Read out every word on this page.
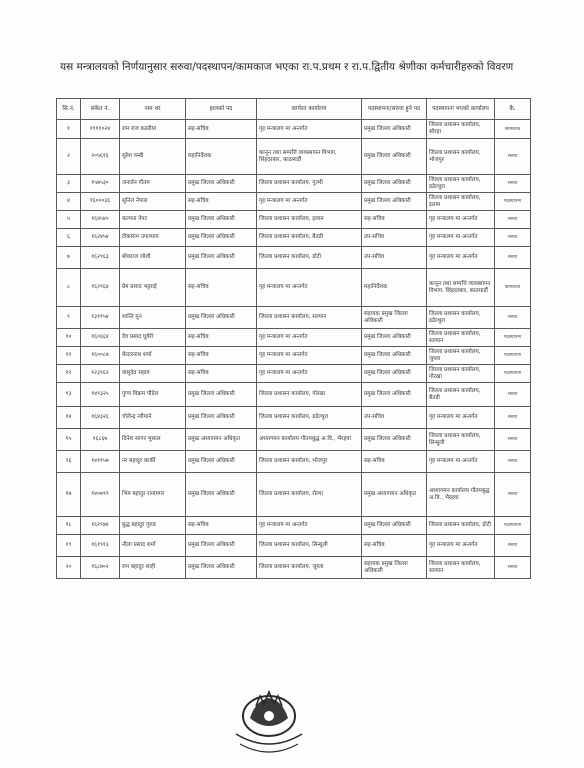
यस मन्त्रालयको निर्णयानुसार सरुवा/पदस्थापन/कामकाज भएका रा.प.प्रथम र रा.प.द्वितीय श्रेणीका कर्मचारीहरुको विवरण
सि.नं.	संकेत नं.	नाम थर	हालको पद	कार्यरत कार्यालय	पदस्थापना/सरुवा हुने पद	पदस्थापना भएको कार्यालय	कै.
१	११११०२४	राम राज कडरीया	सह-सचिव	गृह मन्त्रालय मा अन्तर्गत	प्रमुख जिल्ला अधिकारी	जिल्ला प्रशासन कार्यालय, सोरहा	कामकाज
२	२०५६१६	सुरेश पन्थी	महानिर्देशक	कानून तथा सम्पत्ति व्यवस्थापन विभाग, सिंहदरबार, काठमाडौं	प्रमुख जिल्ला अधिकारी	जिल्ला प्रशासन कार्यालय, भोजपुर	सरुवा
३	१५७५३०	जनार्दन गौतम	प्रमुख जिल्ला अधिकारी	जिल्ला प्रशासन कार्यालय, गुल्मी	प्रमुख जिल्ला अधिकारी	जिल्ला प्रशासन कार्यालय, डडेल्धुरा	सरुवा
४	१६०००३६	सुनिल नेपाल	सह-सचिव	गृह मन्त्रालय मा अन्तर्गत	प्रमुख जिल्ला अधिकारी	जिल्ला प्रशासन कार्यालय, इलाम	पदस्थापना
५	१६४५४०	कल्पना नेपट	प्रमुख जिल्ला अधिकारी	जिल्ला प्रशासन कार्यालय, इलाम	सह-सचिव	गृह मन्त्रालय मा अन्तर्गत	सरुवा
६	१६२४५४	टीकाराम उपाध्याय	प्रमुख जिल्ला अधिकारी	जिल्ला प्रशासन कार्यालय, बैतडी	उप-सचिव	गृह मन्त्रालय मा अन्तर्गत	सरुवा
७	१६२९६३	बोधराज जोशी	प्रमुख जिल्ला अधिकारी	जिल्ला प्रशासन कार्यालय, डोटी	उप-सचिव	गृह मन्त्रालय मा अन्तर्गत	सरुवा
८	१६२९६४	प्रेम प्रसाद भट्टराई	सह-सचिव	गृह मन्त्रालय मा अन्तर्गत	महानिर्देशक	कानून तथा सम्पत्ति व्यवस्थापन विभाग, सिंहदरबार, काठमाडौं	कामकाज
९	१३११५४	शान्ति पुन	प्रमुख जिल्ला अधिकारी	जिल्ला प्रशासन कार्यालय, सल्यान	सहायक प्रमुख जिल्ला अधिकारी	जिल्ला प्रशासन कार्यालय, डडेल्धुरा	सरुवा
१०	१६०६६४	देव प्रसाद घुवेरी	सह-सचिव	गृह मन्त्रालय मा अन्तर्गत	प्रमुख जिल्ला अधिकारी	जिल्ला प्रशासन कार्यालय, सल्यान	पदस्थापना
११	१६००८७	केदारनाथ शर्मा	सह-सचिव	गृह मन्त्रालय मा अन्तर्गत	प्रमुख जिल्ला अधिकारी	जिल्ला प्रशासन कार्यालय, जुम्ला	पदस्थापना
१२	१२३९६२	वासुदेव सहाय	सह-सचिव	गृह मन्त्रालय मा अन्तर्गत	प्रमुख जिल्ला अधिकारी	जिल्ला प्रशासन कार्यालय, गोरखा	पदस्थापना
१३	१४९३२५	पुण्य विक्रम पौडेल	प्रमुख जिल्ला अधिकारी	जिल्ला प्रशासन कार्यालय, गोरखा	प्रमुख जिल्ला अधिकारी	जिल्ला प्रशासन कार्यालय, बैतडी	सरुवा
१४	१६४३२६	चोलेन्द्र न्यौपाने	प्रमुख जिल्ला अधिकारी	जिल्ला प्रशासन कार्यालय, डडेल्धुरा	उप-सचिव	गृह मन्त्रालय मा अन्तर्गत	सरुवा
१५	१६८६७	दिनेश सागर भुसाल	प्रमुख अध्यागमन अधिकृत	अध्यागमन कार्यालय गौतमबुद्ध अ.वि., भैरहवा	प्रमुख जिल्ला अधिकारी	जिल्ला प्रशासन कार्यालय, सिन्धुली	सरुवा
१६	१४११५७	नर बहादुर कार्की	प्रमुख जिल्ला अधिकारी	जिल्ला प्रशासन कार्यालय, भोजपुर	सह-सचिव	गृह मन्त्रालय मा अन्तर्गत	सरुवा
१७	१४०७९९	भिम बहादुर रानामगर	प्रमुख जिल्ला अधिकारी	जिल्ला प्रशासन कार्यालय, रोल्पा	प्रमुख अध्यागमन अधिकृत	अध्यागमन कार्यालय गौतमबुद्ध अ.वि., भैरहवा	सरुवा
१८	१६२९७४	बुद्ध बहादुर गुरुङ	सह-सचिव	गृह मन्त्रालय मा अन्तर्गत	प्रमुख जिल्ला अधिकारी	जिल्ला प्रशासन कार्यालय, डोटी	पदस्थापना
१९	१६१९१३	नीला प्रसाद शर्मा	प्रमुख जिल्ला अधिकारी	जिल्ला प्रशासन कार्यालय, सिन्धुली	सह-सचिव	गृह मन्त्रालय मा अन्तर्गत	सरुवा
२०	१६८७०२	राम बहादुर शाही	प्रमुख जिल्ला अधिकारी	जिल्ला प्रशासन कार्यालय, जुम्ला	सहायक प्रमुख जिल्ला अधिकारी	जिल्ला प्रशासन कार्यालय, सल्यान	सरुवा
